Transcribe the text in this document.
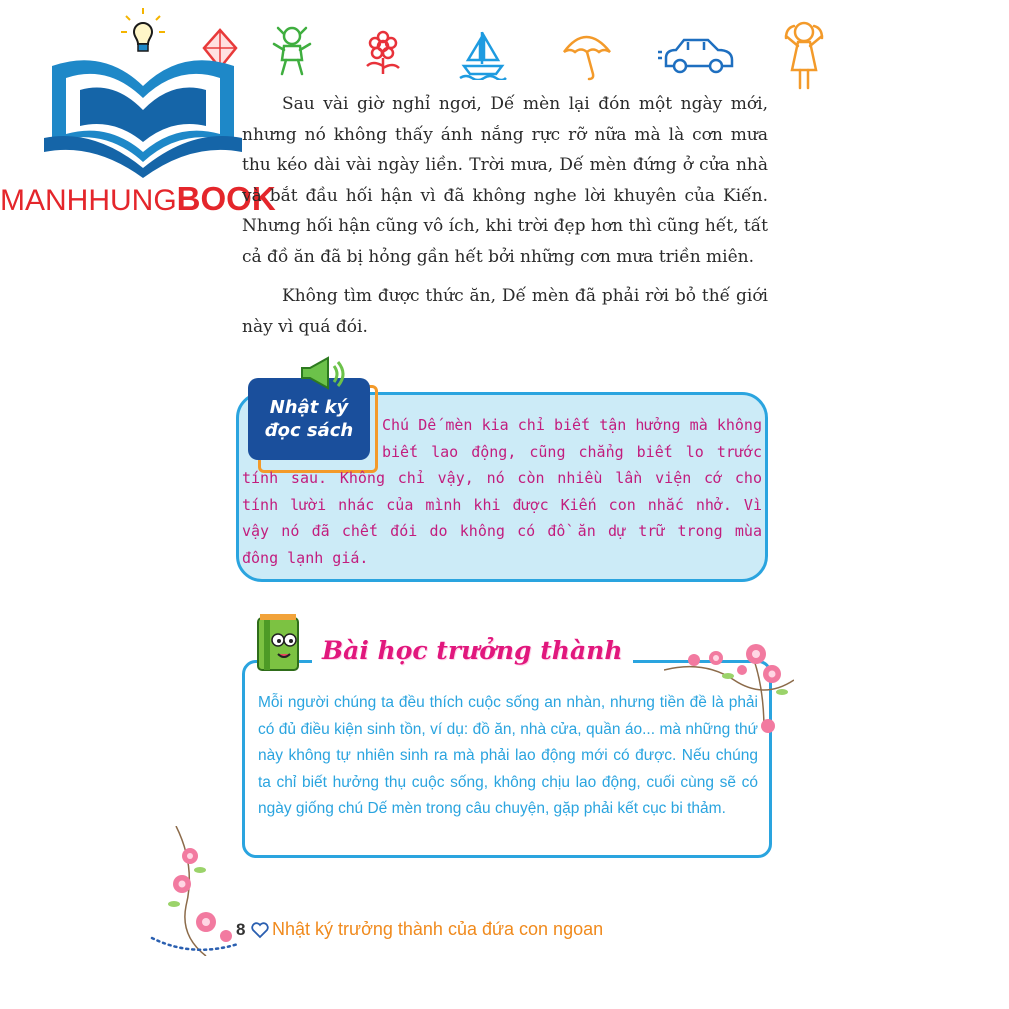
MANHHUNGBOOK

Sau vài giờ nghỉ ngơi, Dế mèn lại đón một ngày mới, nhưng nó không thấy ánh nắng rực rỡ nữa mà là cơn mưa thu kéo dài vài ngày liền. Trời mưa, Dế mèn đứng ở cửa nhà và bắt đầu hối hận vì đã không nghe lời khuyên của Kiến. Nhưng hối hận cũng vô ích, khi trời đẹp hơn thì cũng hết, tất cả đồ ăn đã bị hỏng gần hết bởi những cơn mưa triền miên.

Không tìm được thức ăn, Dế mèn đã phải rời bỏ thế giới này vì quá đói.

Nhật ký
đọc sách	Chú Dế mèn kia chỉ biết tận hưởng mà không biết lao động, cũng chẳng biết lo trước tính sau. Không chỉ vậy, nó còn nhiều lần viện cớ cho tính lười nhác của mình khi được Kiến con nhắc nhở. Vì vậy nó đã chết đói do không có đồ ăn dự trữ trong mùa đông lạnh giá.

Bài học trưởng thành

Mỗi người chúng ta đều thích cuộc sống an nhàn, nhưng tiền đề là phải có đủ điều kiện sinh tồn, ví dụ: đồ ăn, nhà cửa, quần áo... mà những thứ này không tự nhiên sinh ra mà phải lao động mới có được. Nếu chúng ta chỉ biết hưởng thụ cuộc sống, không chịu lao động, cuối cùng sẽ có ngày giống chú Dế mèn trong câu chuyện, gặp phải kết cục bi thảm.

8 Nhật ký trưởng thành của đứa con ngoan
